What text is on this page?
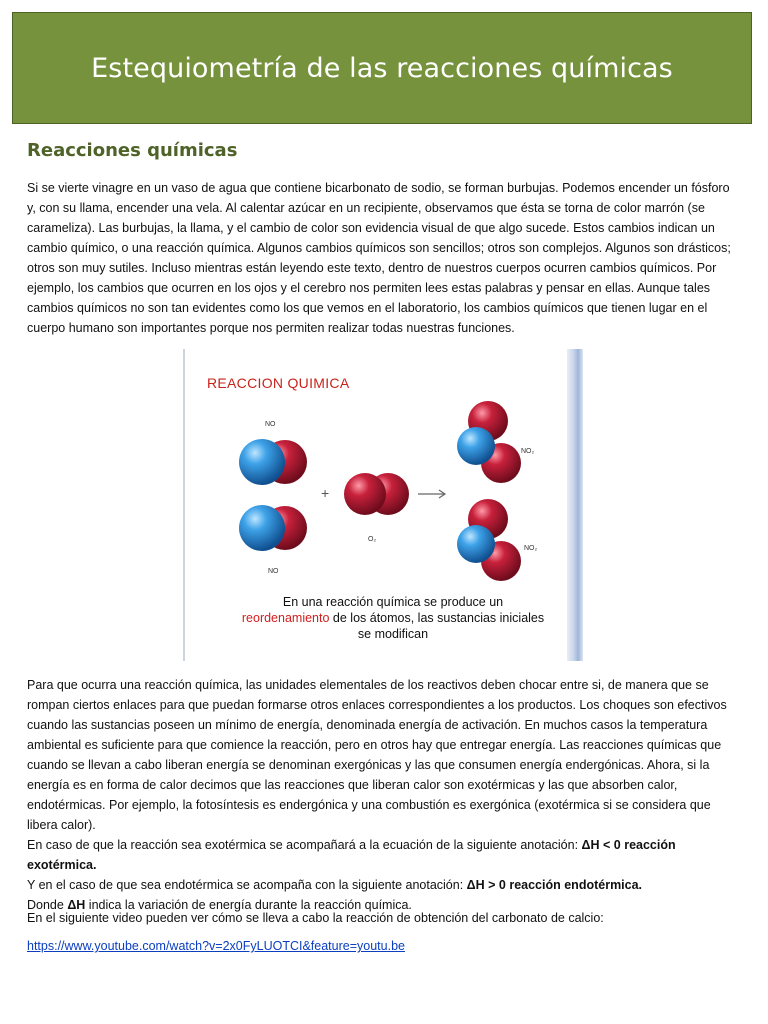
Estequiometría de las reacciones químicas
Reacciones químicas

Si se vierte vinagre en un vaso de agua que contiene bicarbonato de sodio, se forman burbujas. Podemos encender un fósforo
y, con su llama, encender una vela. Al calentar azúcar en un recipiente, observamos que ésta se torna de color marrón (se
carameliza). Las burbujas, la llama, y el cambio de color son evidencia visual de que algo sucede. Estos cambios indican un
cambio químico, o una reacción química. Algunos cambios químicos son sencillos; otros son complejos. Algunos son drásticos;
otros son muy sutiles. Incluso mientras están leyendo este texto, dentro de nuestros cuerpos ocurren cambios químicos. Por
ejemplo, los cambios que ocurren en los ojos y el cerebro nos permiten lees estas palabras y pensar en ellas. Aunque tales
cambios químicos no son tan evidentes como los que vemos en el laboratorio, los cambios químicos que tienen lugar en el
cuerpo humano son importantes porque nos permiten realizar todas nuestras funciones.

REACCION QUIMICA
+
NO
NO
O₂
NO₂
NO₂
En una reacción química se produce un
reordenamiento de los átomos, las sustancias iniciales
se modifican

Para que ocurra una reacción química, las unidades elementales de los reactivos deben chocar entre si, de manera que se
rompan ciertos enlaces para que puedan formarse otros enlaces correspondientes a los productos. Los choques son efectivos
cuando las sustancias poseen un mínimo de energía, denominada energía de activación. En muchos casos la temperatura
ambiental es suficiente para que comience la reacción, pero en otros hay que entregar energía. Las reacciones químicas que
cuando se llevan a cabo liberan energía se denominan exergónicas y las que consumen energía endergónicas. Ahora, si la
energía es en forma de calor decimos que las reacciones que liberan calor son exotérmicas y las que absorben calor,
endotérmicas. Por ejemplo, la fotosíntesis es endergónica y una combustión es exergónica (exotérmica si se considera que
libera calor).
En caso de que la reacción sea exotérmica se acompañará a la ecuación de la siguiente anotación: ΔH < 0 reacción exotérmica.
Y en el caso de que sea endotérmica se acompaña con la siguiente anotación: ΔH > 0 reacción endotérmica.
Donde ΔH indica la variación de energía durante la reacción química.

En el siguiente video pueden ver cómo se lleva a cabo la reacción de obtención del carbonato de calcio:

https://www.youtube.com/watch?v=2x0FyLUOTCI&feature=youtu.be
